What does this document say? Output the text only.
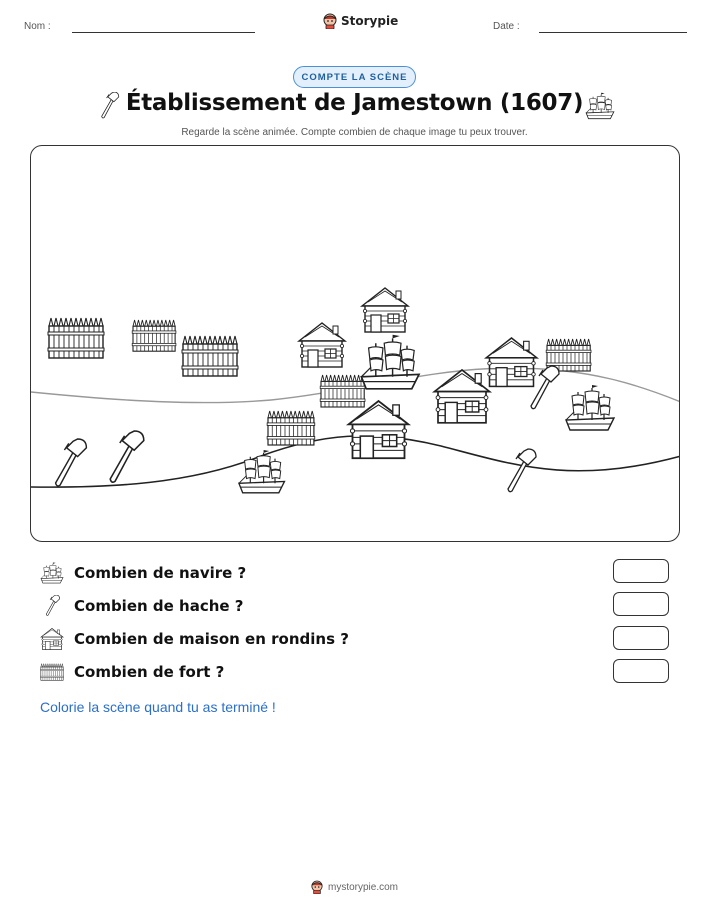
Nom :	Storypie	Date :
COMPTE LA SCÈNE
Établissement de Jamestown (1607)
Regarde la scène animée. Compte combien de chaque image tu peux trouver.
Combien de navire ?
Combien de hache ?
Combien de maison en rondins ?
Combien de fort ?
Colorie la scène quand tu as terminé !
mystorypie.com
